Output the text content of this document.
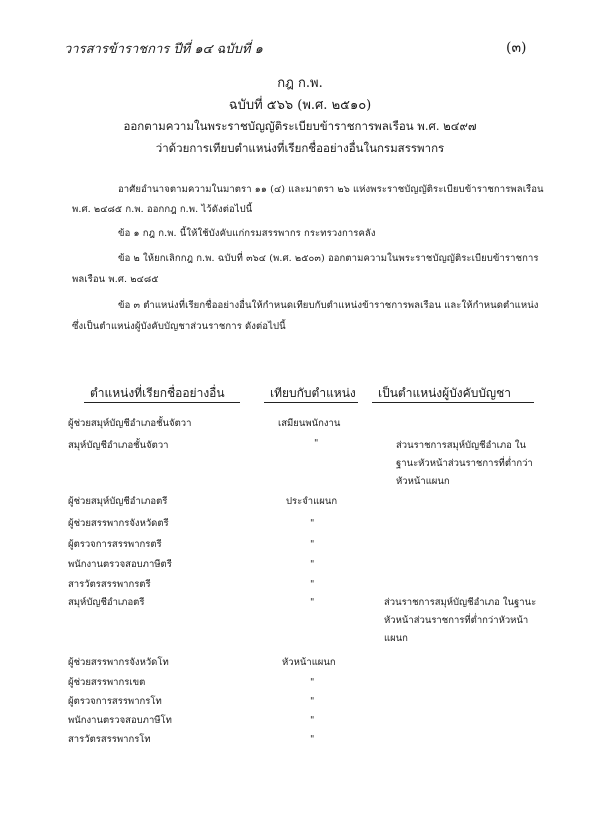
วารสารข้าราชการ ปีที่ ๑๔ ฉบับที่ ๑	(๓)
กฎ ก.พ.
ฉบับที่ ๕๖๖ (พ.ศ. ๒๕๑๐)
ออกตามความในพระราชบัญญัติระเบียบข้าราชการพลเรือน พ.ศ. ๒๔๙๗
ว่าด้วยการเทียบตำแหน่งที่เรียกชื่ออย่างอื่นในกรมสรรพากร
อาศัยอำนาจตามความในมาตรา ๑๑ (๔) และมาตรา ๒๖ แห่งพระราชบัญญัติระเบียบข้าราชการพลเรือน
พ.ศ. ๒๔๘๕ ก.พ. ออกกฎ ก.พ. ไว้ดังต่อไปนี้
ข้อ ๑ กฎ ก.พ. นี้ให้ใช้บังคับแก่กรมสรรพากร กระทรวงการคลัง
ข้อ ๒ ให้ยกเลิกกฎ ก.พ. ฉบับที่ ๓๖๔ (พ.ศ. ๒๕๐๓) ออกตามความในพระราชบัญญัติระเบียบข้าราชการ
พลเรือน พ.ศ. ๒๔๘๕
ข้อ ๓ ตำแหน่งที่เรียกชื่ออย่างอื่นให้กำหนดเทียบกับตำแหน่งข้าราชการพลเรือน และให้กำหนดตำแหน่ง
ซึ่งเป็นตำแหน่งผู้บังคับบัญชาส่วนราชการ ดังต่อไปนี้
ตำแหน่งที่เรียกชื่ออย่างอื่น	เทียบกับตำแหน่ง เป็นตำแหน่งผู้บังคับบัญชา
ผู้ช่วยสมุห์บัญชีอำเภอชั้นจัตวา	เสมียนพนักงาน
สมุห์บัญชีอำเภอชั้นจัตวา	"	ส่วนราชการสมุห์บัญชีอำเภอ ใน
ฐานะหัวหน้าส่วนราชการที่ต่ำกว่า
หัวหน้าแผนก
ผู้ช่วยสมุห์บัญชีอำเภอตรี	ประจำแผนก
ผู้ช่วยสรรพากรจังหวัดตรี	"
ผู้ตรวจการสรรพากรตรี	"
พนักงานตรวจสอบภาษีตรี	"
สารวัตรสรรพากรตรี	"
สมุห์บัญชีอำเภอตรี	"	ส่วนราชการสมุห์บัญชีอำเภอ ในฐานะ
หัวหน้าส่วนราชการที่ต่ำกว่าหัวหน้า
แผนก
ผู้ช่วยสรรพากรจังหวัดโท	หัวหน้าแผนก
ผู้ช่วยสรรพากรเขต	"
ผู้ตรวจการสรรพากรโท	"
พนักงานตรวจสอบภาษีโท	"
สารวัตรสรรพากรโท	"
